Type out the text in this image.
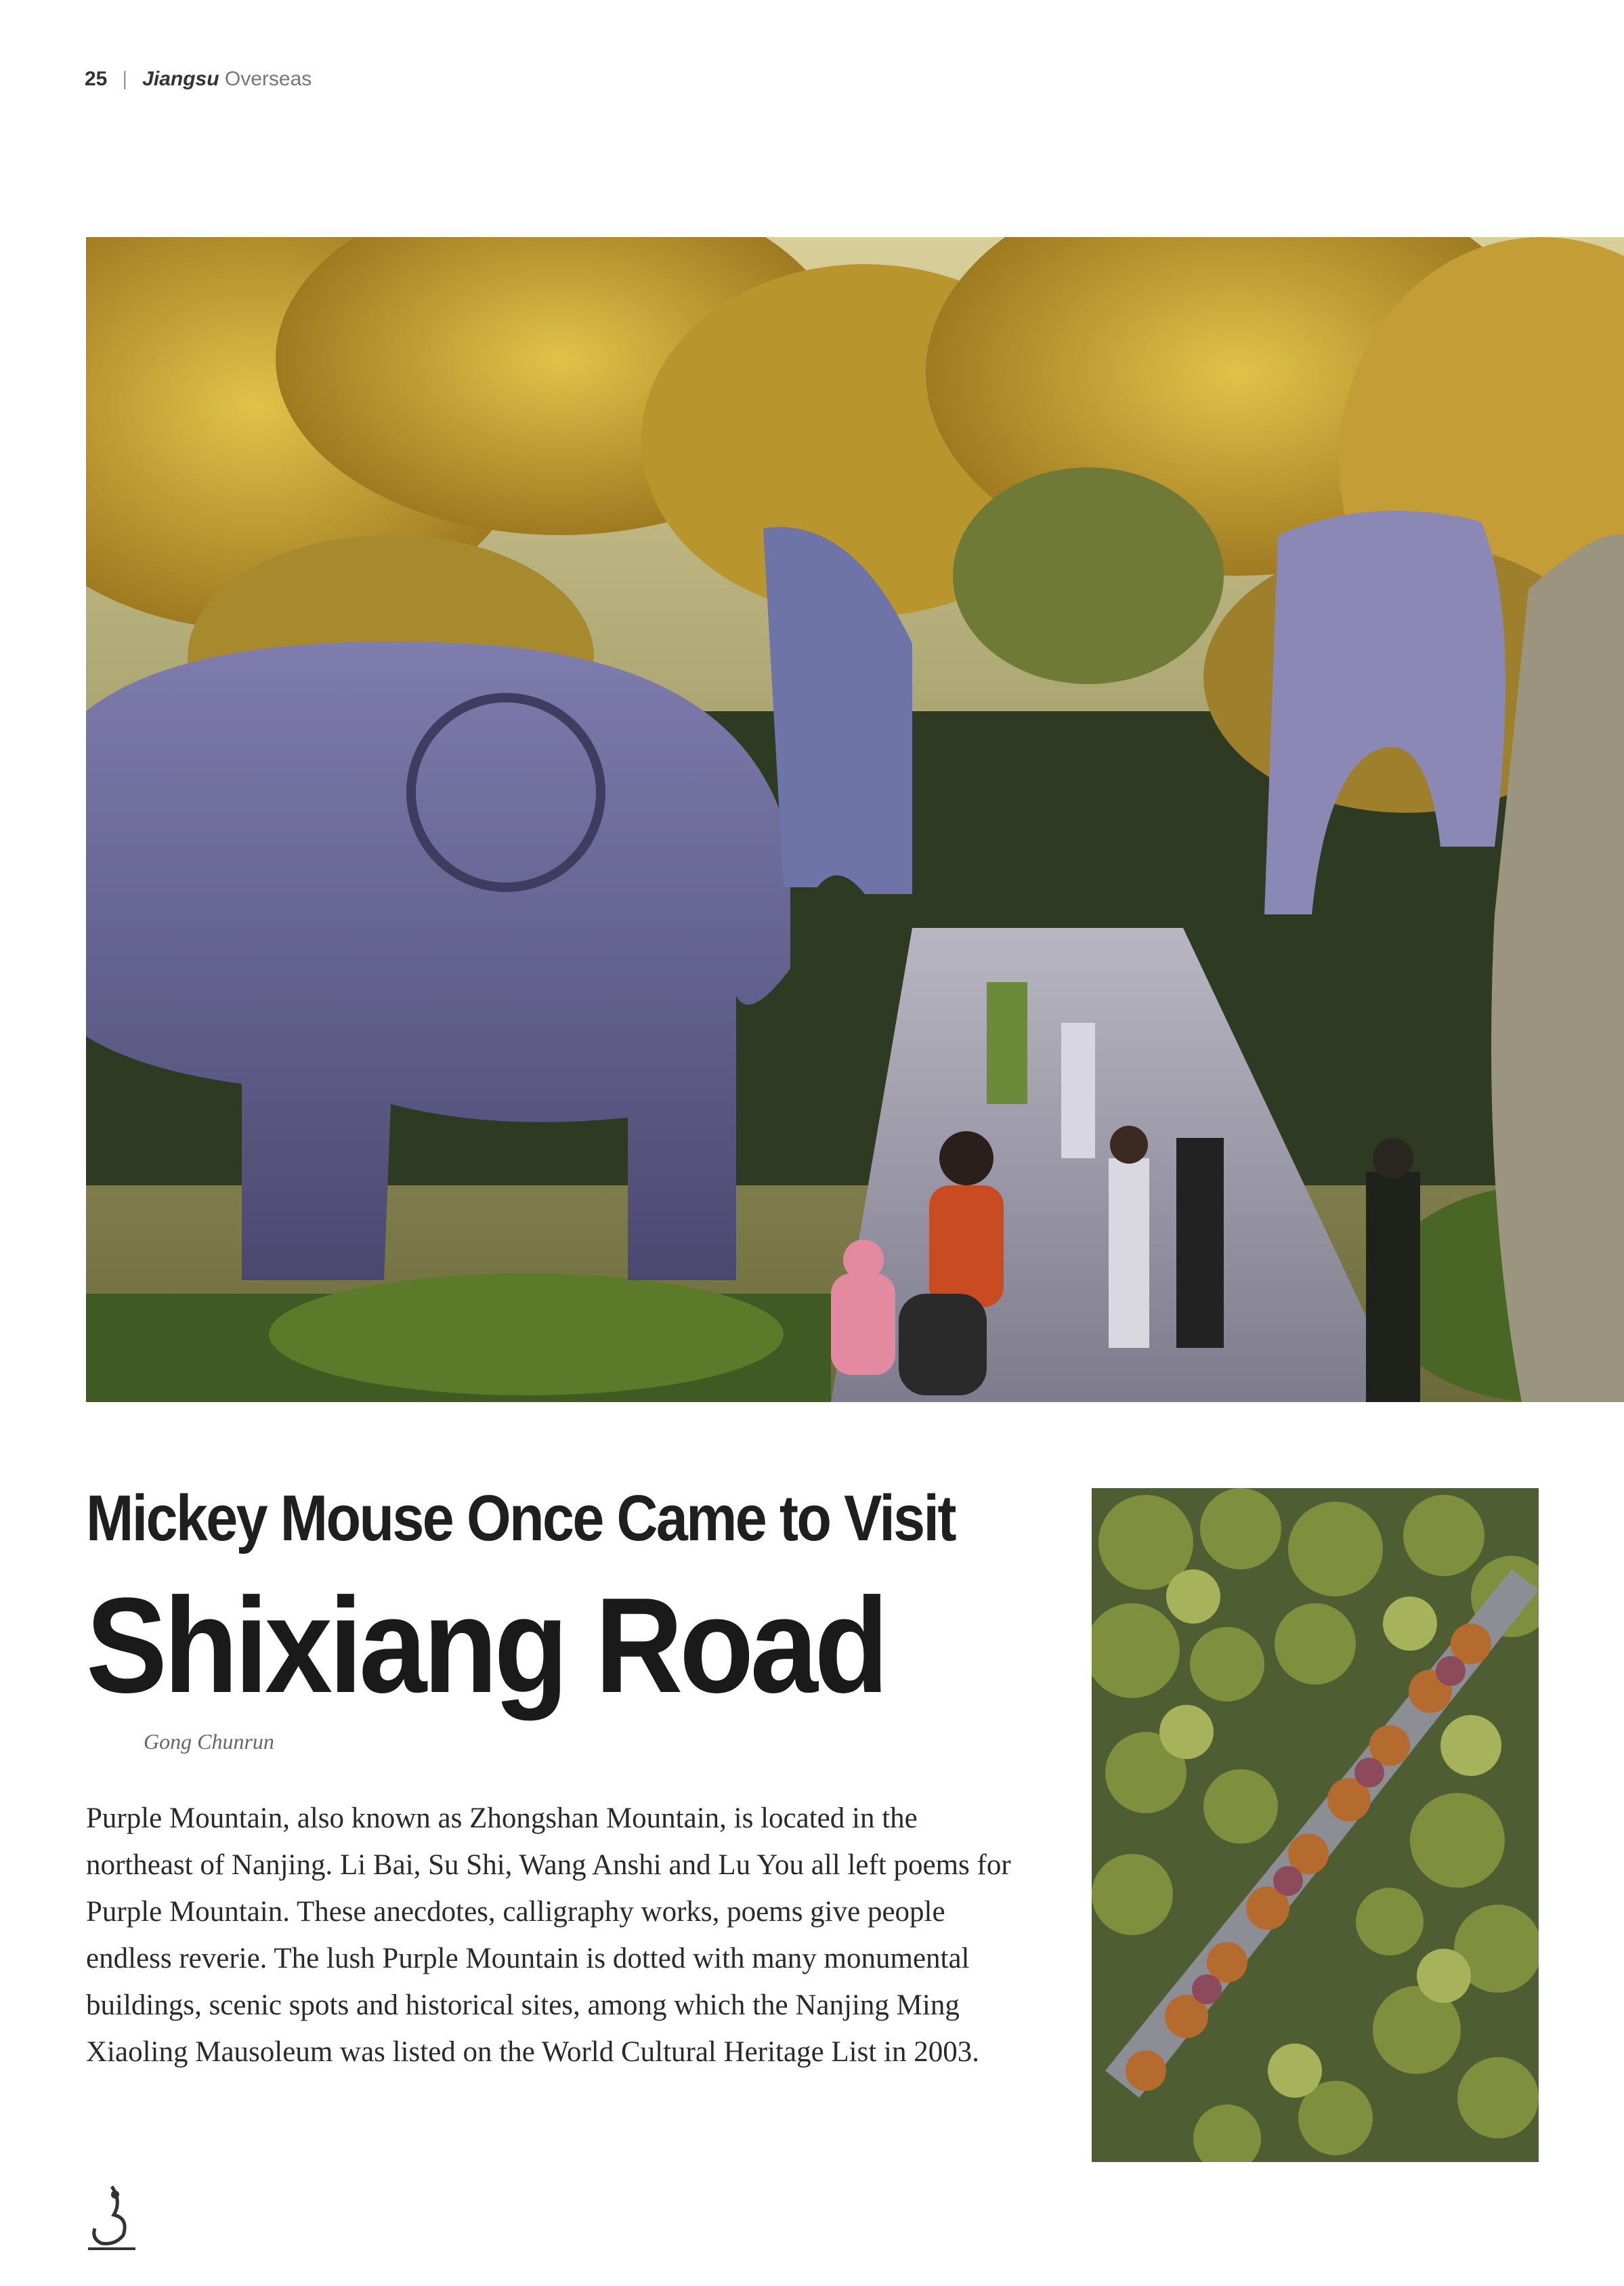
25 | Jiangsu Overseas
Mickey Mouse Once Came to Visit
Shixiang Road
Gong Chunrun

Purple Mountain, also known as Zhongshan Mountain, is located in the northeast of Nanjing. Li Bai, Su Shi, Wang Anshi and Lu You all left poems for Purple Mountain. These anecdotes, calligraphy works, poems give people endless reverie. The lush Purple Mountain is dotted with many monumental buildings, scenic spots and historical sites, among which the Nanjing Ming Xiaoling Mausoleum was listed on the World Cultural Heritage List in 2003.
